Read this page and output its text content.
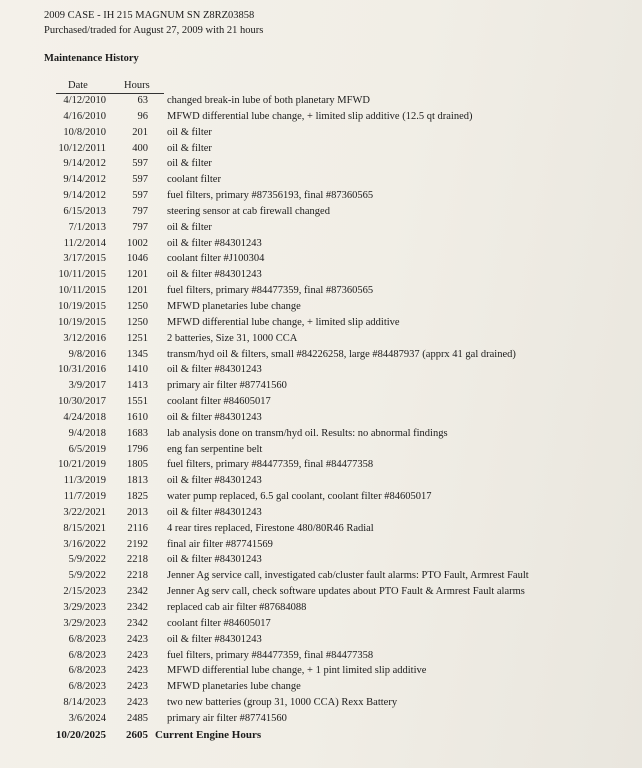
2009 CASE - IH 215 MAGNUM SN Z8RZ03858
Purchased/traded for August 27, 2009 with 21 hours
Maintenance History
Date	Hours
4/12/2010	63 changed break-in lube of both planetary MFWD
4/16/2010	96 MFWD differential lube change, + limited slip additive (12.5 qt drained)
10/8/2010	201 oil & filter
10/12/2011	400 oil & filter
9/14/2012	597 oil & filter
9/14/2012	597 coolant filter
9/14/2012	597 fuel filters, primary #87356193, final #87360565
6/15/2013	797 steering sensor at cab firewall changed
7/1/2013	797 oil & filter
11/2/2014 1002 oil & filter #84301243
3/17/2015 1046 coolant filter #J100304
10/11/2015 1201 oil & filter #84301243
10/11/2015 1201 fuel filters, primary #84477359, final #87360565
10/19/2015 1250 MFWD planetaries lube change
10/19/2015 1250 MFWD differential lube change, + limited slip additive
3/12/2016 1251 2 batteries, Size 31, 1000 CCA
9/8/2016 1345 transm/hyd oil & filters, small #84226258, large #84487937 (apprx 41 gal drained)
10/31/2016 1410 oil & filter #84301243
3/9/2017 1413 primary air filter #87741560
10/30/2017 1551 coolant filter #84605017
4/24/2018 1610 oil & filter #84301243
9/4/2018 1683 lab analysis done on transm/hyd oil. Results: no abnormal findings
6/5/2019 1796 eng fan serpentine belt
10/21/2019 1805 fuel filters, primary #84477359, final #84477358
11/3/2019 1813 oil & filter #84301243
11/7/2019 1825 water pump replaced, 6.5 gal coolant, coolant filter #84605017
3/22/2021 2013 oil & filter #84301243
8/15/2021 2116 4 rear tires replaced, Firestone 480/80R46 Radial
3/16/2022 2192 final air filter #87741569
5/9/2022 2218 oil & filter #84301243
5/9/2022 2218 Jenner Ag service call, investigated cab/cluster fault alarms: PTO Fault, Armrest Fault
2/15/2023 2342 Jenner Ag serv call, check software updates about PTO Fault & Armrest Fault alarms
3/29/2023 2342 replaced cab air filter #87684088
3/29/2023 2342 coolant filter #84605017
6/8/2023 2423 oil & filter #84301243
6/8/2023 2423 fuel filters, primary #84477359, final #84477358
6/8/2023 2423 MFWD differential lube change, + 1 pint limited slip additive
6/8/2023 2423 MFWD planetaries lube change
8/14/2023 2423 two new batteries (group 31, 1000 CCA) Rexx Battery
3/6/2024 2485 primary air filter #87741560
10/20/2025 2605 Current Engine Hours
